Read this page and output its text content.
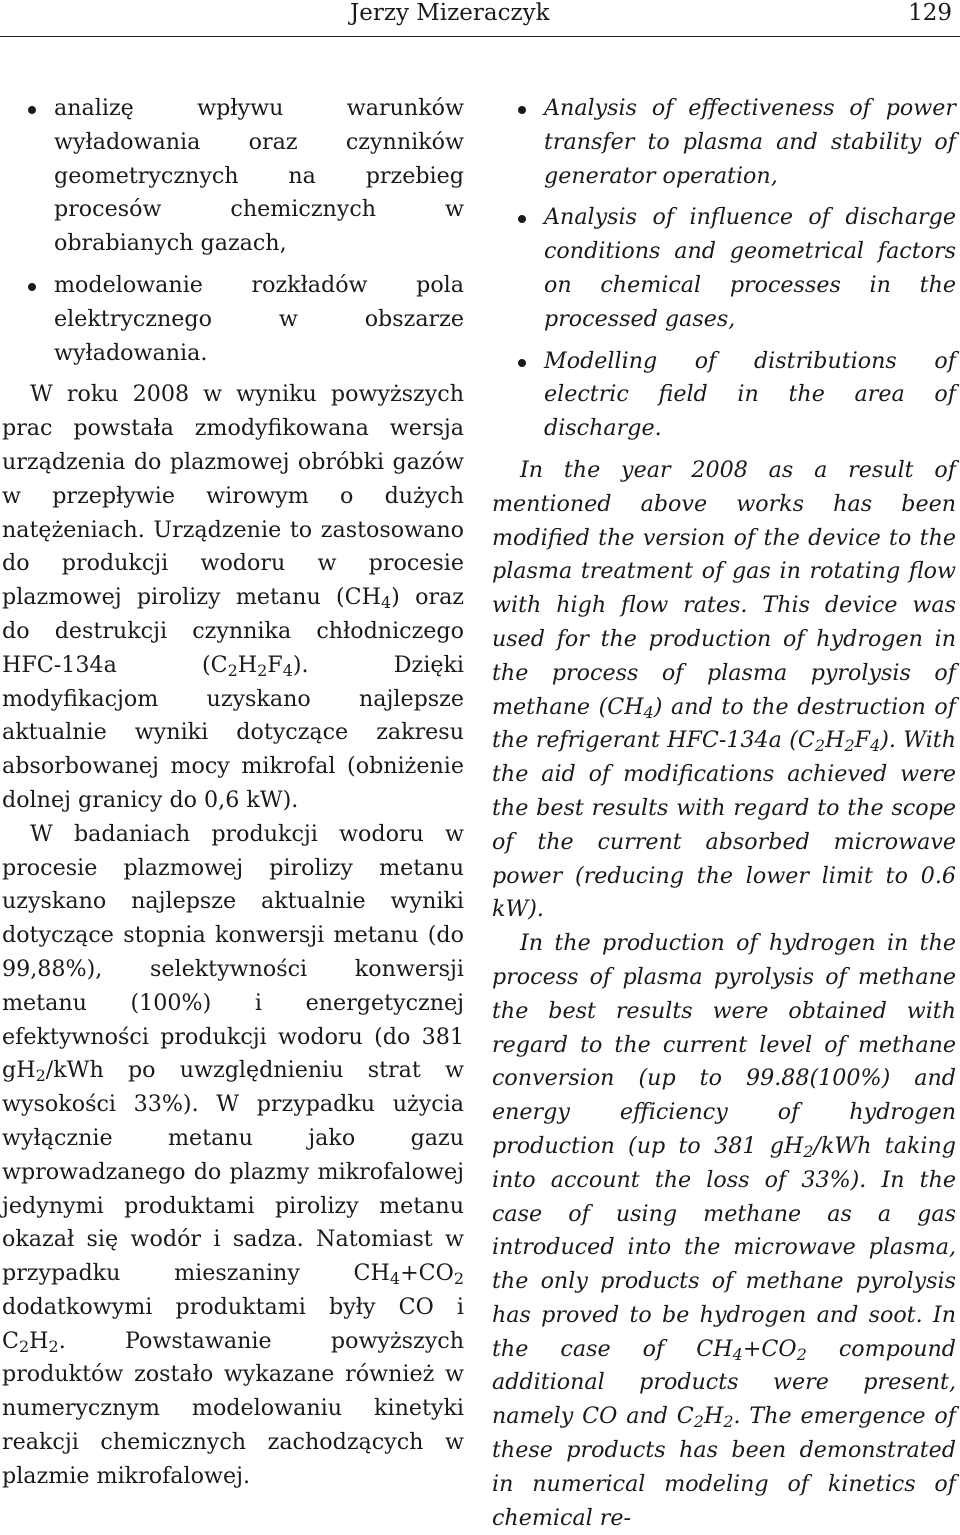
Jerzy Mizeraczyk	129
analizę wpływu warunków wyładowania oraz czynników geometrycznych na przebieg procesów chemicznych w obrabianych gazach,
modelowanie rozkładów pola elektrycznego w obszarze wyładowania.

W roku 2008 w wyniku powyższych prac powstała zmodyfikowana wersja urządzenia do plazmowej obróbki gazów w przepływie wirowym o dużych natężeniach. Urządzenie to zastosowano do produkcji wodoru w procesie plazmowej pirolizy metanu $(CH_4)$ oraz do destrukcji czynnika chłodniczego HFC-134a $(C_2H_2F_4)$. Dzięki modyfikacjom uzyskano najlepsze aktualnie wyniki dotyczące zakresu absorbowanej mocy mikrofal (obniżenie dolnej granicy do 0,6 kW).

W badaniach produkcji wodoru w procesie plazmowej pirolizy metanu uzyskano najlepsze aktualnie wyniki dotyczące stopnia konwersji metanu (do 99,88%), selektywności konwersji metanu (100%) i energetycznej efektywności produkcji wodoru (do 381 $gH_2$/kWh po uwzględnieniu strat w wysokości 33%). W przypadku użycia wyłącznie metanu jako gazu wprowadzanego do plazmy mikrofalowej jedynymi produktami pirolizy metanu okazał się wodór i sadza. Natomiast w przypadku mieszaniny $CH_4+CO_2$ dodatkowymi produktami były CO i $C_2H_2$. Powstawanie powyższych produktów zostało wykazane również w numerycznym modelowaniu kinetyki reakcji chemicznych zachodzących w plazmie mikrofalowej.

Analysis of effectiveness of power transfer to plasma and stability of generator operation,
Analysis of influence of discharge conditions and geometrical factors on chemical processes in the processed gases,
Modelling of distributions of electric field in the area of discharge.

In the year 2008 as a result of mentioned above works has been modified the version of the device to the plasma treatment of gas in rotating flow with high flow rates. This device was used for the production of hydrogen in the process of plasma pyrolysis of methane $(CH_4)$ and to the destruction of the refrigerant HFC-134a $(C_2H_2F_4)$. With the aid of modifications achieved were the best results with regard to the scope of the current absorbed microwave power (reducing the lower limit to 0.6 kW).

In the production of hydrogen in the process of plasma pyrolysis of methane the best results were obtained with regard to the current level of methane conversion (up to 99.88(100%) and energy efficiency of hydrogen production (up to 381 $gH_2$/kWh taking into account the loss of 33%). In the case of using methane as a gas introduced into the microwave plasma, the only products of methane pyrolysis has proved to be hydrogen and soot. In the case of $CH_4+CO_2$ compound additional products were present, namely CO and $C_2H_2$. The emergence of these products has been demonstrated in numerical modeling of kinetics of chemical re-
